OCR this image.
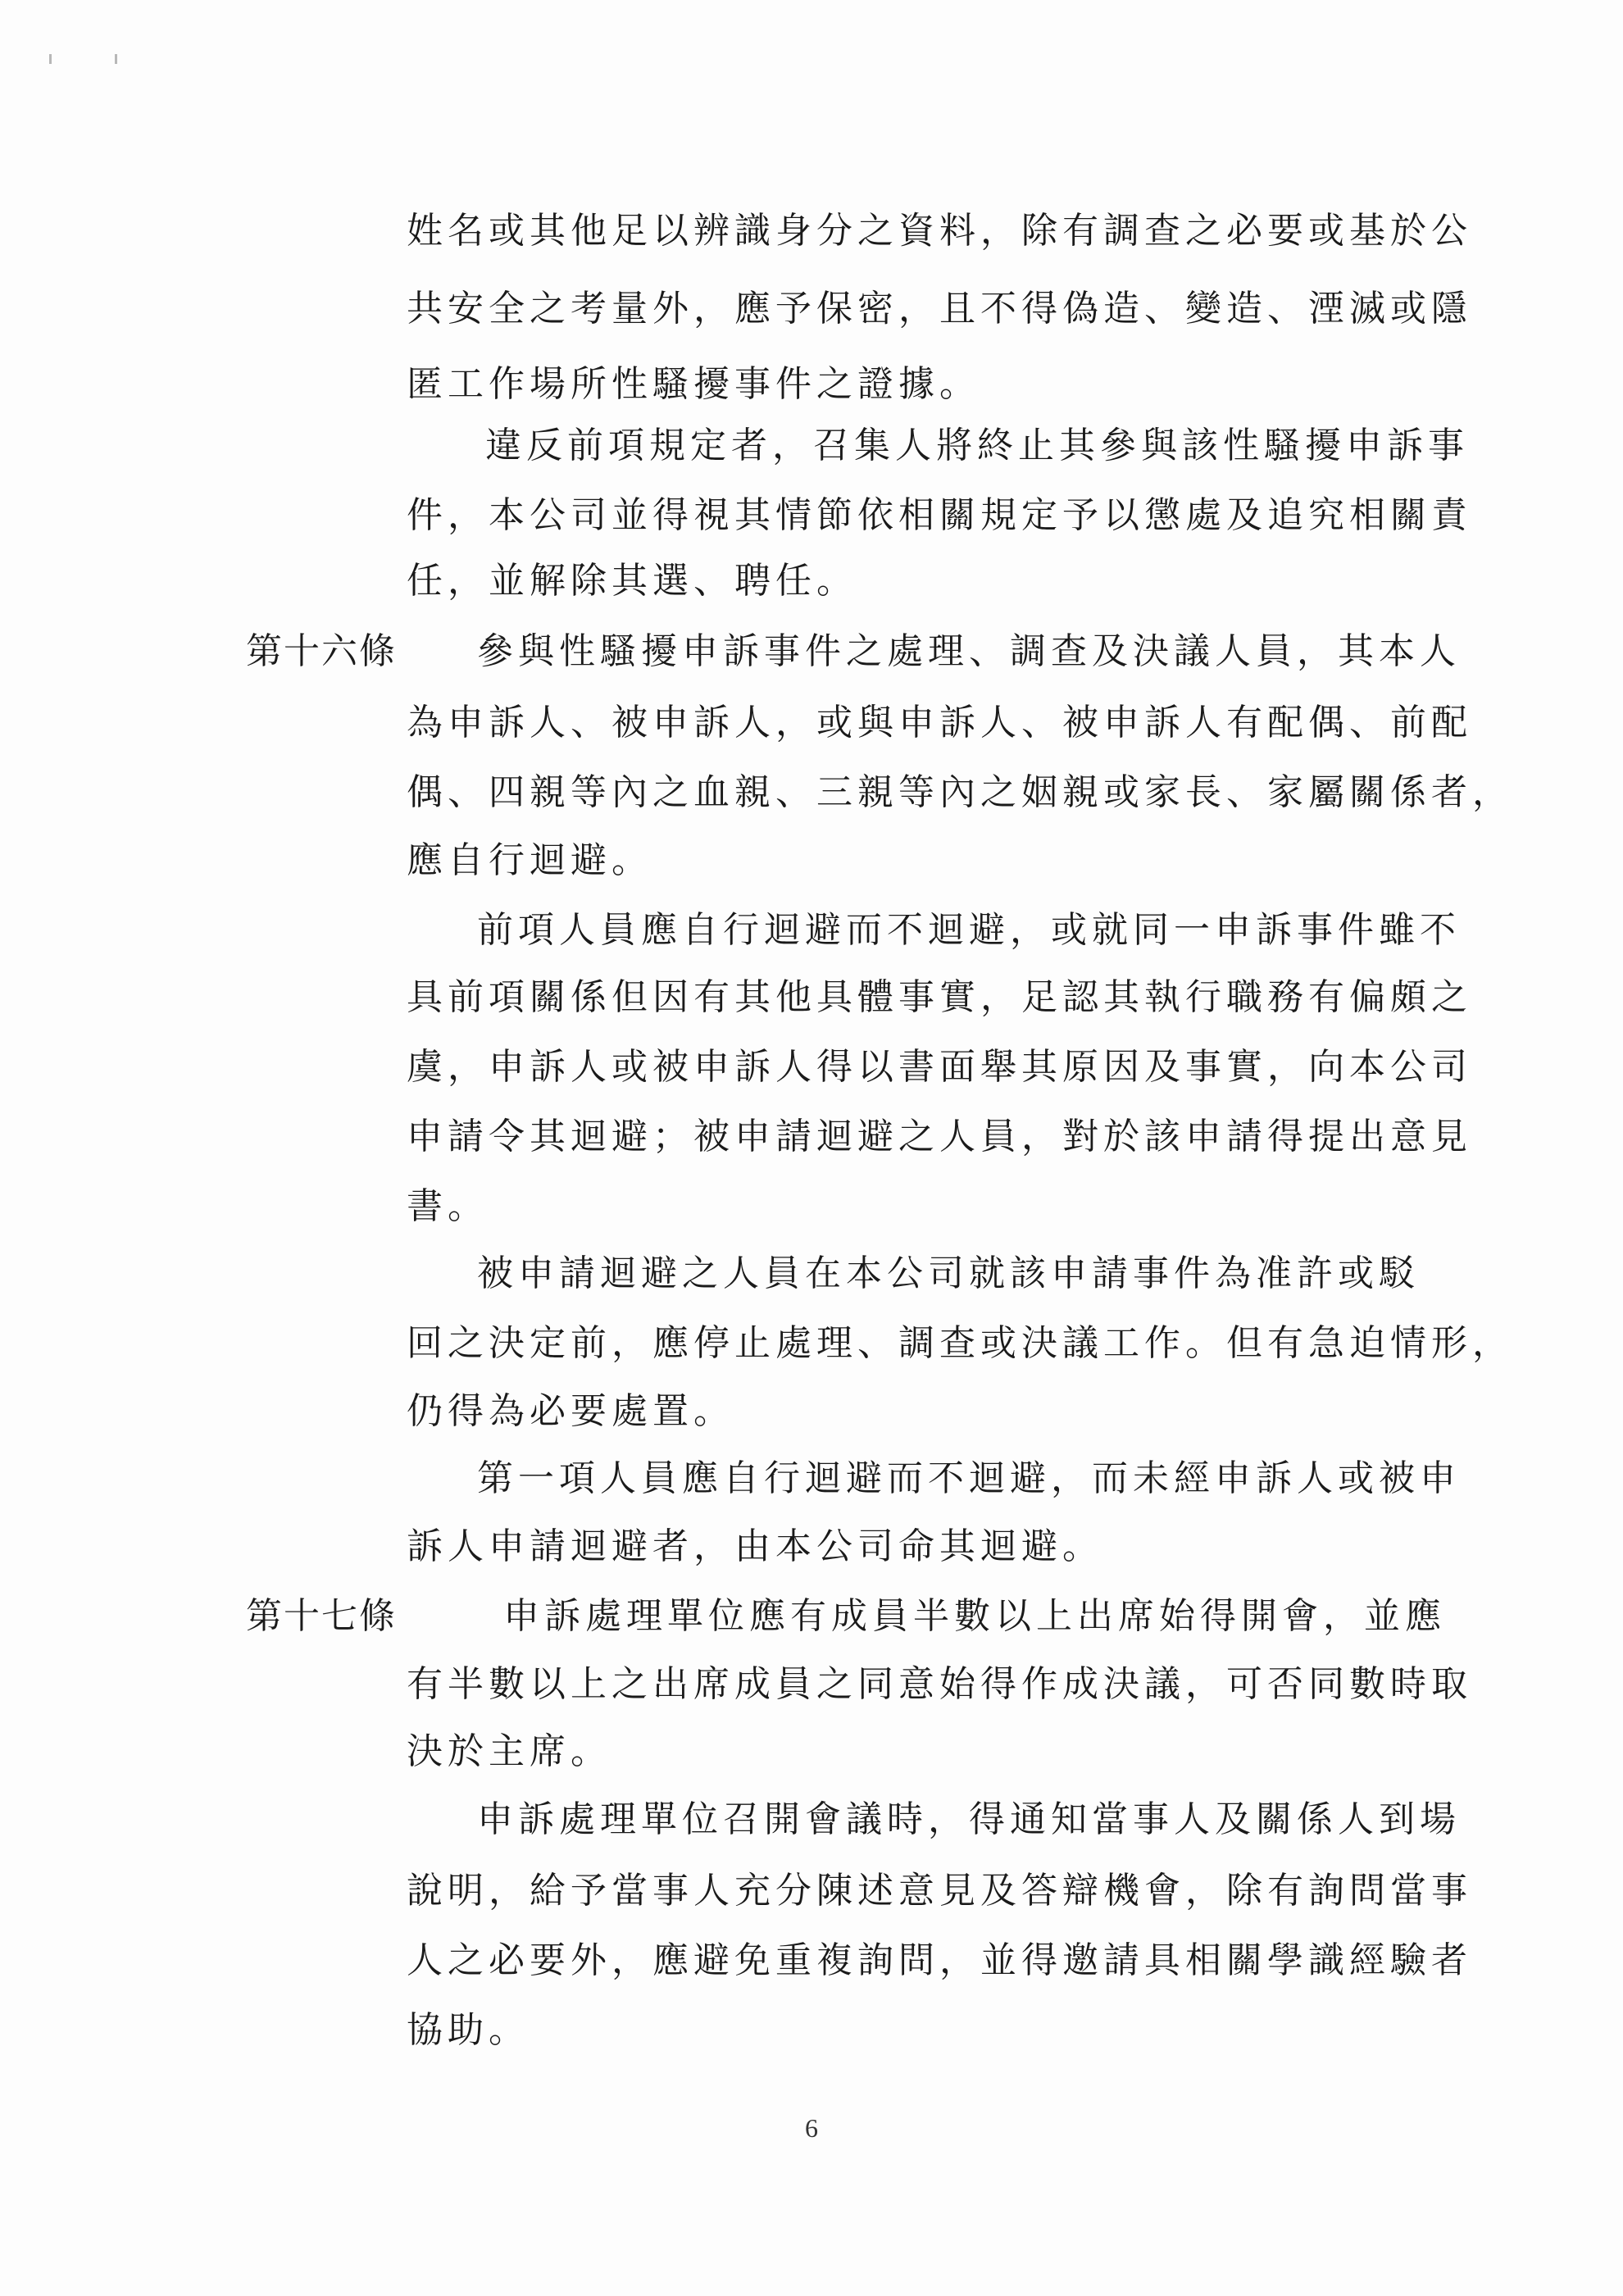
姓名或其他足以辨識身分之資料，除有調查之必要或基於公
共安全之考量外，應予保密，且不得偽造、變造、湮滅或隱
匿工作場所性騷擾事件之證據。
違反前項規定者，召集人將終止其參與該性騷擾申訴事
件，本公司並得視其情節依相關規定予以懲處及追究相關責
任，並解除其選、聘任。
第十六條 參與性騷擾申訴事件之處理、調查及決議人員，其本人
為申訴人、被申訴人，或與申訴人、被申訴人有配偶、前配
偶、四親等內之血親、三親等內之姻親或家長、家屬關係者，
應自行迴避。
前項人員應自行迴避而不迴避，或就同一申訴事件雖不
具前項關係但因有其他具體事實，足認其執行職務有偏頗之
虞，申訴人或被申訴人得以書面舉其原因及事實，向本公司
申請令其迴避；被申請迴避之人員，對於該申請得提出意見
書。
被申請迴避之人員在本公司就該申請事件為准許或駁
回之決定前，應停止處理、調查或決議工作。但有急迫情形，
仍得為必要處置。
第一項人員應自行迴避而不迴避，而未經申訴人或被申
訴人申請迴避者，由本公司命其迴避。
第十七條	申訴處理單位應有成員半數以上出席始得開會，並應
有半數以上之出席成員之同意始得作成決議，可否同數時取
決於主席。
申訴處理單位召開會議時，得通知當事人及關係人到場
說明，給予當事人充分陳述意見及答辯機會，除有詢問當事
人之必要外，應避免重複詢問，並得邀請具相關學識經驗者
協助。
6
